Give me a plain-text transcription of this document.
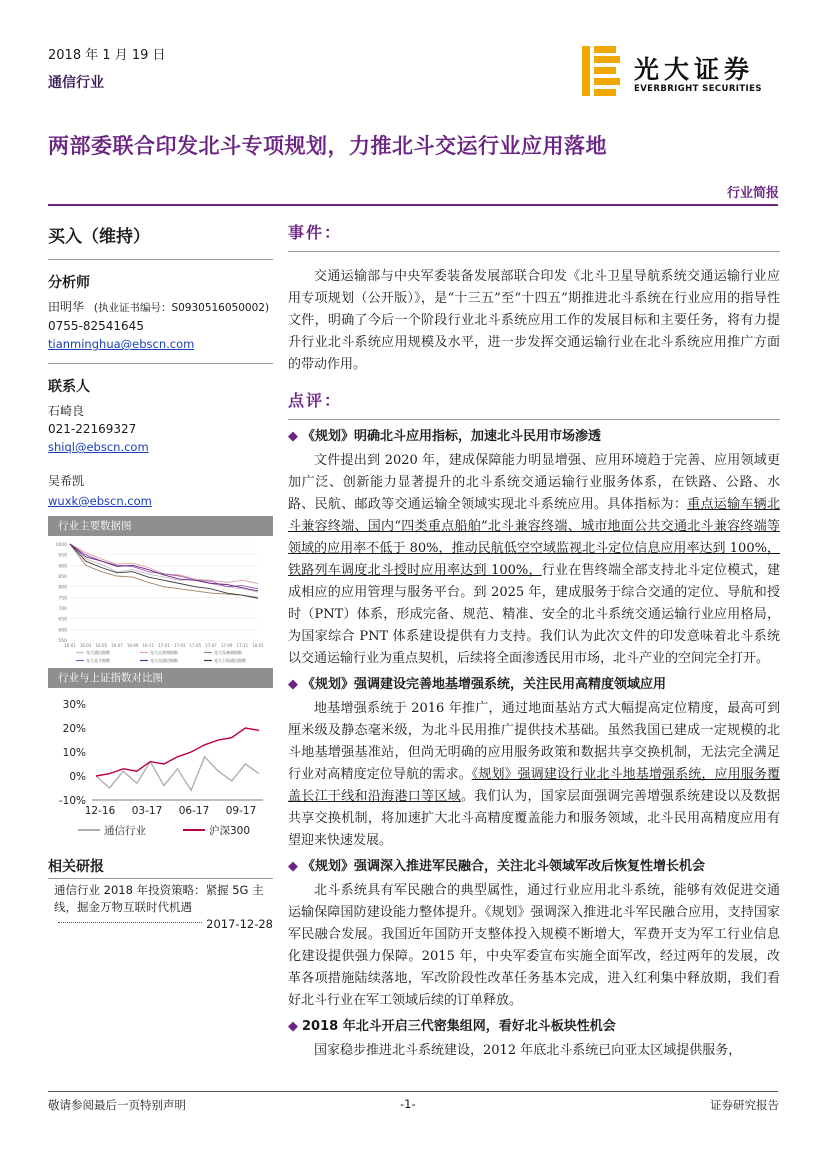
2018 年 1 月 19 日
通信行业	光大证券
EVERBRIGHT SECURITIES
两部委联合印发北斗专项规划，力推北斗交运行业应用落地
行业简报
买入（维持）
分析师
田明华 (执业证书编号：S0930516050002)
0755-82541645
tianminghua@ebscn.com
联系人
石崎良
021-22169327
shiql@ebscn.com
吴希凯
wuxk@ebscn.com
行业主要数据图
1000
950
900
850
800
750
700
650
600
550
16-01 16-03 16-05 16-07 16-09 16-11 17-01 17-03 17-05 17-07 17-09 17-11 18-01
光大通信指数	光大运营商指数	光大设备商指数
光大北斗指数	光大光通信指数	光大卫星通信指数
行业与上证指数对比图
30%
20%
10%
0%
-10%
12-16 03-17 06-17 09-17
通信行业	沪深300
相关研报
通信行业 2018 年投资策略：紧握 5G 主线，掘金万物互联时代机遇
2017-12-28
事件：
交通运输部与中央军委装备发展部联合印发《北斗卫星导航系统交通运输行业应用专项规划（公开版）》，是“十三五”至“十四五”期推进北斗系统在行业应用的指导性文件，明确了今后一个阶段行业北斗系统应用工作的发展目标和主要任务，将有力提升行业北斗系统应用规模及水平，进一步发挥交通运输行业在北斗系统应用推广方面的带动作用。
点评：
◆ 《规划》明确北斗应用指标，加速北斗民用市场渗透
文件提出到 2020 年，建成保障能力明显增强、应用环境趋于完善、应用领域更加广泛、创新能力显著提升的北斗系统交通运输行业服务体系，在铁路、公路、水路、民航、邮政等交通运输全领域实现北斗系统应用。具体指标为：重点运输车辆北斗兼容终端、国内“四类重点船舶”北斗兼容终端、城市地面公共交通北斗兼容终端等领域的应用率不低于 80%，推动民航低空空域监视北斗定位信息应用率达到 100%，铁路列车调度北斗授时应用率达到 100%，行业在售终端全部支持北斗定位模式，建成相应的应用管理与服务平台。到 2025 年，建成服务于综合交通的定位、导航和授时（PNT）体系，形成完备、规范、精准、安全的北斗系统交通运输行业应用格局，为国家综合 PNT 体系建设提供有力支持。我们认为此次文件的印发意味着北斗系统以交通运输行业为重点契机，后续将全面渗透民用市场，北斗产业的空间完全打开。
◆ 《规划》强调建设完善地基增强系统，关注民用高精度领域应用
地基增强系统于 2016 年推广，通过地面基站方式大幅提高定位精度，最高可到厘米级及静态毫米级，为北斗民用推广提供技术基础。虽然我国已建成一定规模的北斗地基增强基准站，但尚无明确的应用服务政策和数据共享交换机制，无法完全满足行业对高精度定位导航的需求。《规划》强调建设行业北斗地基增强系统，应用服务覆盖长江干线和沿海港口等区域。我们认为，国家层面强调完善增强系统建设以及数据共享交换机制，将加速扩大北斗高精度覆盖能力和服务领域，北斗民用高精度应用有望迎来快速发展。
◆ 《规划》强调深入推进军民融合，关注北斗领域军改后恢复性增长机会
北斗系统具有军民融合的典型属性，通过行业应用北斗系统，能够有效促进交通运输保障国防建设能力整体提升。《规划》强调深入推进北斗军民融合应用，支持国家军民融合发展。我国近年国防开支整体投入规模不断增大，军费开支为军工行业信息化建设提供强力保障。2015 年，中央军委宣布实施全面军改，经过两年的发展，改革各项措施陆续落地，军改阶段性改革任务基本完成，进入红利集中释放期，我们看好北斗行业在军工领域后续的订单释放。
◆ 2018 年北斗开启三代密集组网，看好北斗板块性机会
国家稳步推进北斗系统建设，2012 年底北斗系统已向亚太区域提供服务，
敬请参阅最后一页特别声明	-1-	证券研究报告
